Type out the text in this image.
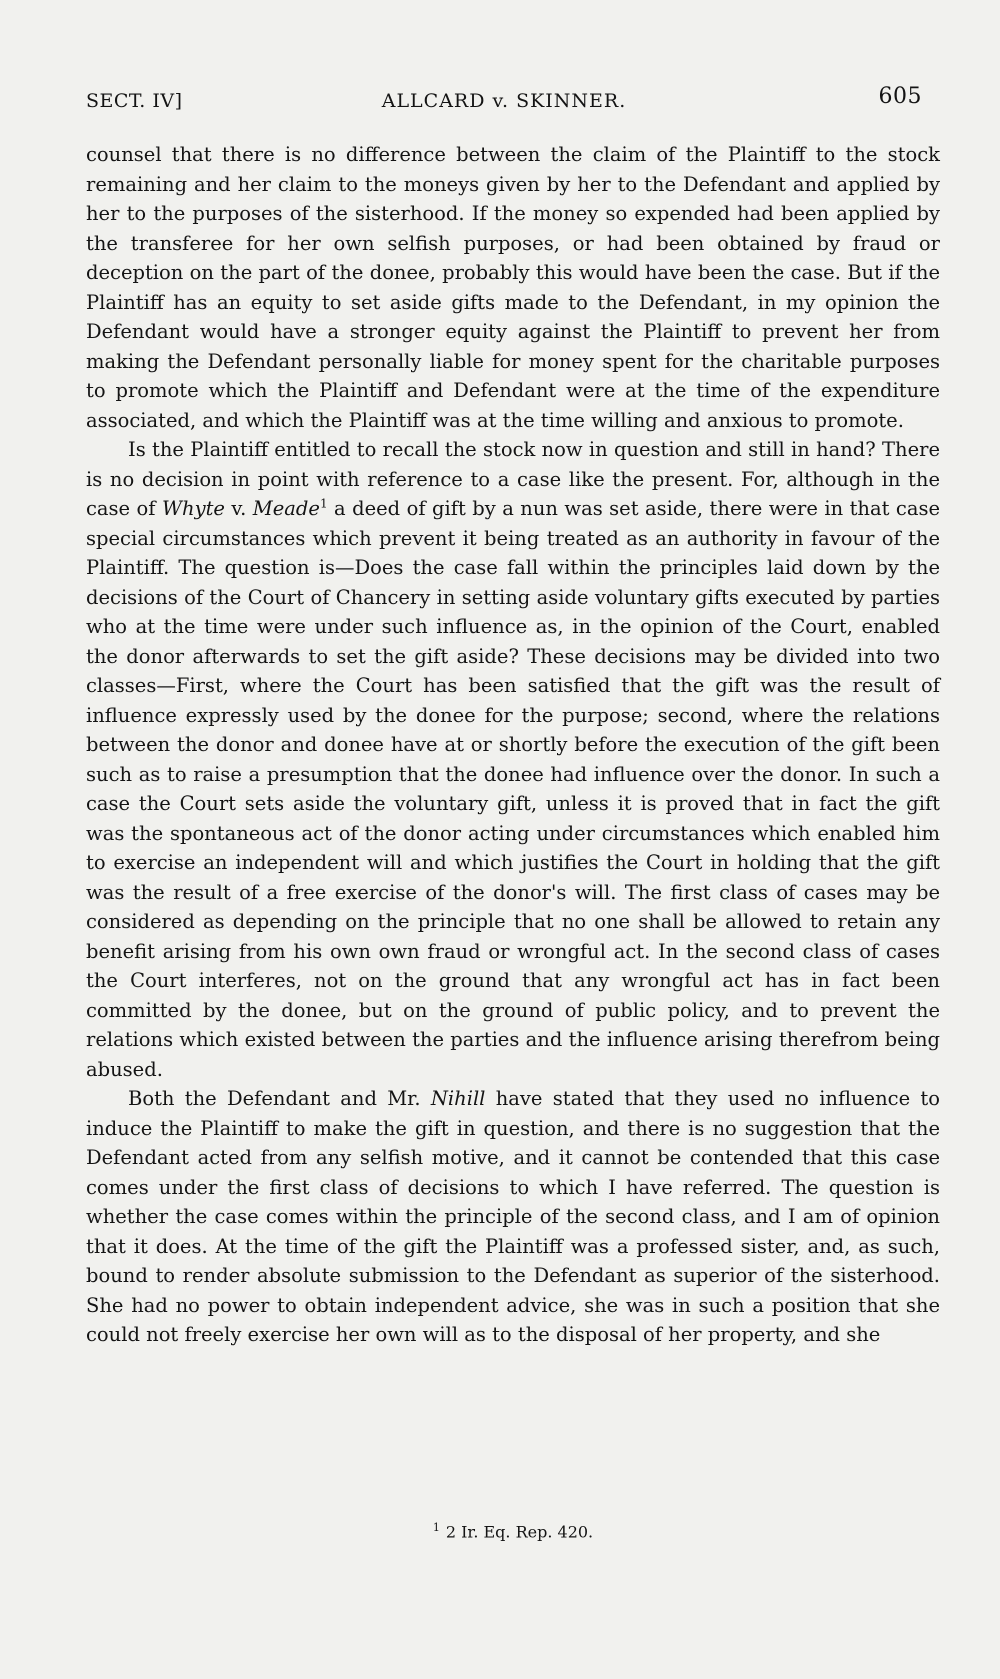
SECT. IV]	ALLCARD v. SKINNER.	605

counsel that there is no difference between the claim of the Plaintiff to the stock remaining and her claim to the moneys given by her to the Defendant and applied by her to the purposes of the sisterhood. If the money so expended had been applied by the transferee for her own selfish purposes, or had been obtained by fraud or deception on the part of the donee, probably this would have been the case. But if the Plaintiff has an equity to set aside gifts made to the Defendant, in my opinion the Defendant would have a stronger equity against the Plaintiff to prevent her from making the Defendant personally liable for money spent for the charitable purposes to promote which the Plaintiff and Defendant were at the time of the expenditure associated, and which the Plaintiff was at the time willing and anxious to promote.

Is the Plaintiff entitled to recall the stock now in question and still in hand? There is no decision in point with reference to a case like the present. For, although in the case of Whyte v. Meade$^1$ a deed of gift by a nun was set aside, there were in that case special circumstances which prevent it being treated as an authority in favour of the Plaintiff. The question is—Does the case fall within the principles laid down by the decisions of the Court of Chancery in setting aside voluntary gifts executed by parties who at the time were under such influence as, in the opinion of the Court, enabled the donor afterwards to set the gift aside? These decisions may be divided into two classes—First, where the Court has been satisfied that the gift was the result of influence expressly used by the donee for the purpose; second, where the relations between the donor and donee have at or shortly before the execution of the gift been such as to raise a presumption that the donee had influence over the donor. In such a case the Court sets aside the voluntary gift, unless it is proved that in fact the gift was the spontaneous act of the donor acting under circumstances which enabled him to exercise an independent will and which justifies the Court in holding that the gift was the result of a free exercise of the donor's will. The first class of cases may be considered as depending on the principle that no one shall be allowed to retain any benefit arising from his own own fraud or wrongful act. In the second class of cases the Court interferes, not on the ground that any wrongful act has in fact been committed by the donee, but on the ground of public policy, and to prevent the relations which existed between the parties and the influence arising therefrom being abused.

Both the Defendant and Mr. Nihill have stated that they used no influence to induce the Plaintiff to make the gift in question, and there is no suggestion that the Defendant acted from any selfish motive, and it cannot be contended that this case comes under the first class of decisions to which I have referred. The question is whether the case comes within the principle of the second class, and I am of opinion that it does. At the time of the gift the Plaintiff was a professed sister, and, as such, bound to render absolute submission to the Defendant as superior of the sisterhood. She had no power to obtain independent advice, she was in such a position that she could not freely exercise her own will as to the disposal of her property, and she

$^1$ 2 Ir. Eq. Rep. 420.
